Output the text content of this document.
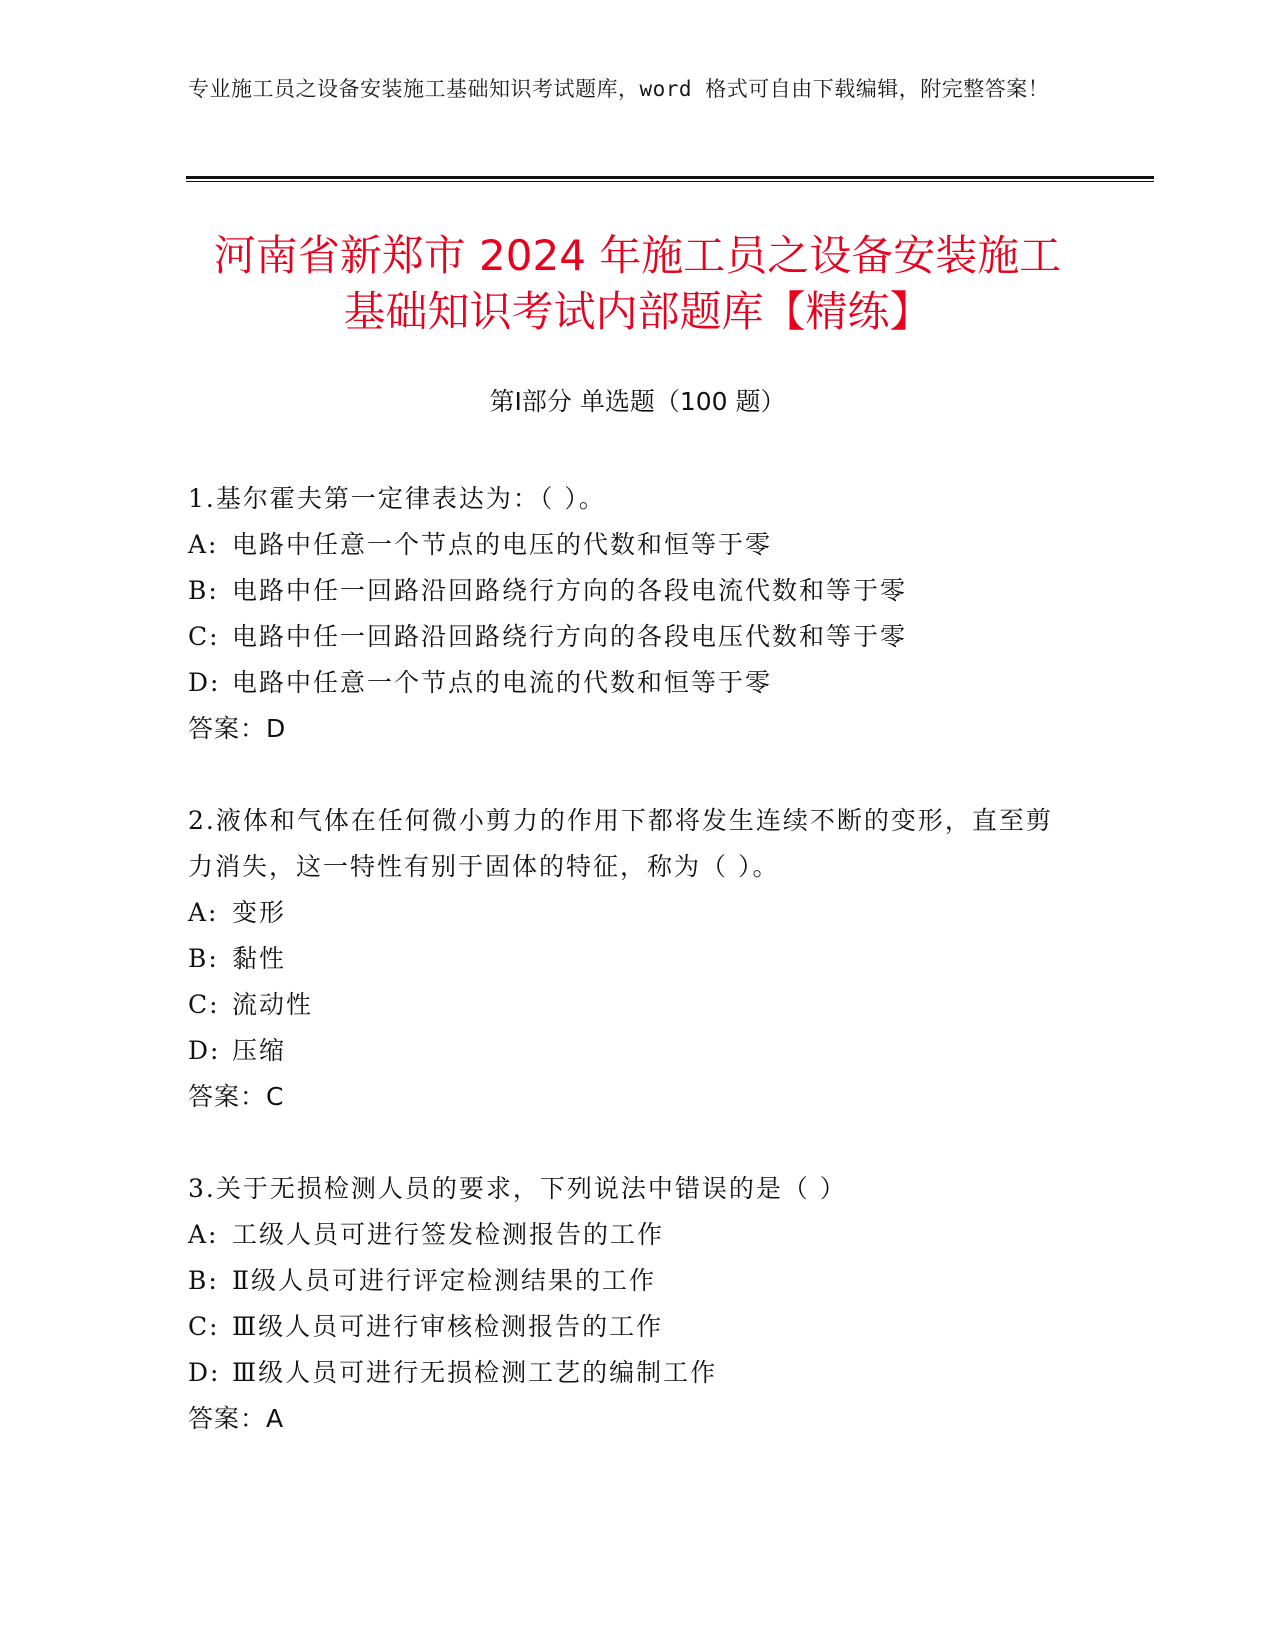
专业施工员之设备安装施工基础知识考试题库，word 格式可自由下载编辑，附完整答案！
河南省新郑市 2024 年施工员之设备安装施工
基础知识考试内部题库【精练】
第Ⅰ部分 单选题（100 题）
1.基尔霍夫第一定律表达为：（ ）。
A: 电路中任意一个节点的电压的代数和恒等于零
B: 电路中任一回路沿回路绕行方向的各段电流代数和等于零
C: 电路中任一回路沿回路绕行方向的各段电压代数和等于零
D: 电路中任意一个节点的电流的代数和恒等于零
答案：D
2.液体和气体在任何微小剪力的作用下都将发生连续不断的变形，直至剪力消失，这一特性有别于固体的特征，称为（ ）。
A: 变形
B: 黏性
C: 流动性
D: 压缩
答案：C
3.关于无损检测人员的要求，下列说法中错误的是（ ）
A: 工级人员可进行签发检测报告的工作
B: Ⅱ级人员可进行评定检测结果的工作
C: Ⅲ级人员可进行审核检测报告的工作
D: Ⅲ级人员可进行无损检测工艺的编制工作
答案：A
